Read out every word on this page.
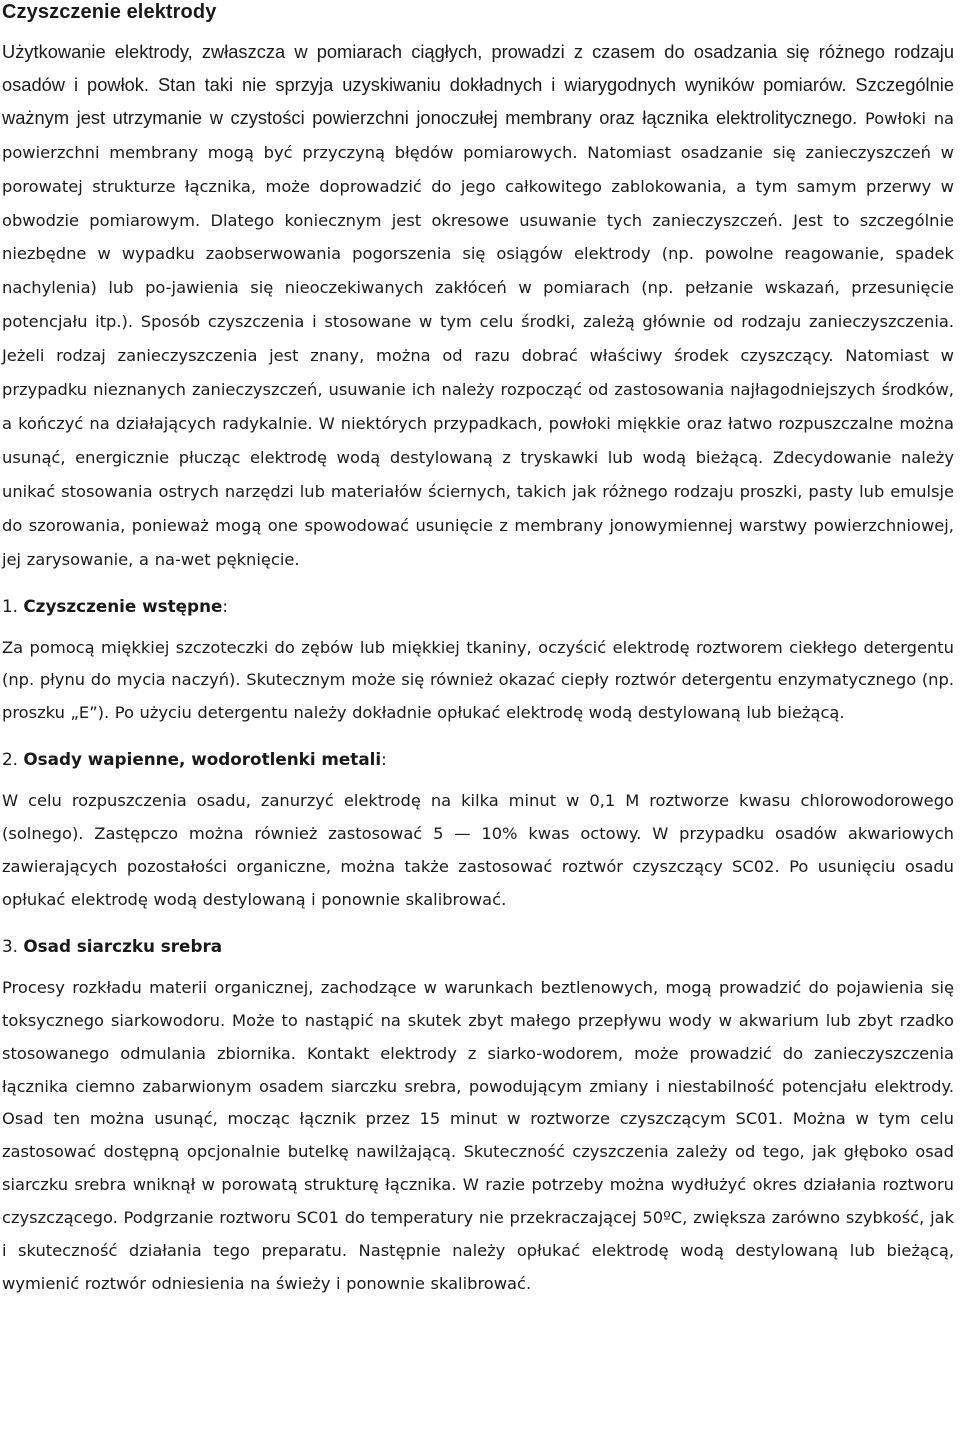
Czyszczenie elektrody

Użytkowanie elektrody, zwłaszcza w pomiarach ciągłych, prowadzi z czasem do osadzania się różnego rodzaju osadów i powłok. Stan taki nie sprzyja uzyskiwaniu dokładnych i wiarygodnych wyników pomiarów. Szczególnie ważnym jest utrzymanie w czystości powierzchni jonoczułej membrany oraz łącznika elektrolitycznego. Powłoki na powierzchni membrany mogą być przyczyną błędów pomiarowych. Natomiast osadzanie się zanieczyszczeń w porowatej strukturze łącznika, może doprowadzić do jego całkowitego zablokowania, a tym samym przerwy w obwodzie pomiarowym. Dlatego koniecznym jest okresowe usuwanie tych zanieczyszczeń. Jest to szczególnie niezbędne w wypadku zaobserwowania pogorszenia się osiągów elektrody (np. powolne reagowanie, spadek nachylenia) lub po-jawienia się nieoczekiwanych zakłóceń w pomiarach (np. pełzanie wskazań, przesunięcie potencjału itp.). Sposób czyszczenia i stosowane w tym celu środki, zależą głównie od rodzaju zanieczyszczenia. Jeżeli rodzaj zanieczyszczenia jest znany, można od razu dobrać właściwy środek czyszczący. Natomiast w przypadku nieznanych zanieczyszczeń, usuwanie ich należy rozpocząć od zastosowania najłagodniejszych środków, a kończyć na działających radykalnie. W niektórych przypadkach, powłoki miękkie oraz łatwo rozpuszczalne można usunąć, energicznie płucząc elektrodę wodą destylowaną z tryskawki lub wodą bieżącą. Zdecydowanie należy unikać stosowania ostrych narzędzi lub materiałów ściernych, takich jak różnego rodzaju proszki, pasty lub emulsje do szorowania, ponieważ mogą one spowodować usunięcie z membrany jonowymiennej warstwy powierzchniowej, jej zarysowanie, a na-wet pęknięcie.

1. Czyszczenie wstępne:

Za pomocą miękkiej szczoteczki do zębów lub miękkiej tkaniny, oczyścić elektrodę roztworem ciekłego detergentu (np. płynu do mycia naczyń). Skutecznym może się również okazać ciepły roztwór detergentu enzymatycznego (np. proszku „E”). Po użyciu detergentu należy dokładnie opłukać elektrodę wodą destylowaną lub bieżącą.

2. Osady wapienne, wodorotlenki metali:

W celu rozpuszczenia osadu, zanurzyć elektrodę na kilka minut w 0,1 M roztworze kwasu chlorowodorowego (solnego). Zastępczo można również zastosować 5 — 10% kwas octowy. W przypadku osadów akwariowych zawierających pozostałości organiczne, można także zastosować roztwór czyszczący SC02. Po usunięciu osadu opłukać elektrodę wodą destylowaną i ponownie skalibrować.

3. Osad siarczku srebra

Procesy rozkładu materii organicznej, zachodzące w warunkach beztlenowych, mogą prowadzić do pojawienia się toksycznego siarkowodoru. Może to nastąpić na skutek zbyt małego przepływu wody w akwarium lub zbyt rzadko stosowanego odmulania zbiornika. Kontakt elektrody z siarko-wodorem, może prowadzić do zanieczyszczenia łącznika ciemno zabarwionym osadem siarczku srebra, powodującym zmiany i niestabilność potencjału elektrody. Osad ten można usunąć, mocząc łącznik przez 15 minut w roztworze czyszczącym SC01. Można w tym celu zastosować dostępną opcjonalnie butelkę nawilżającą. Skuteczność czyszczenia zależy od tego, jak głęboko osad siarczku srebra wniknął w porowatą strukturę łącznika. W razie potrzeby można wydłużyć okres działania roztworu czyszczącego. Podgrzanie roztworu SC01 do temperatury nie przekraczającej 50ºC, zwiększa zarówno szybkość, jak i skuteczność działania tego preparatu. Następnie należy opłukać elektrodę wodą destylowaną lub bieżącą, wymienić roztwór odniesienia na świeży i ponownie skalibrować.
